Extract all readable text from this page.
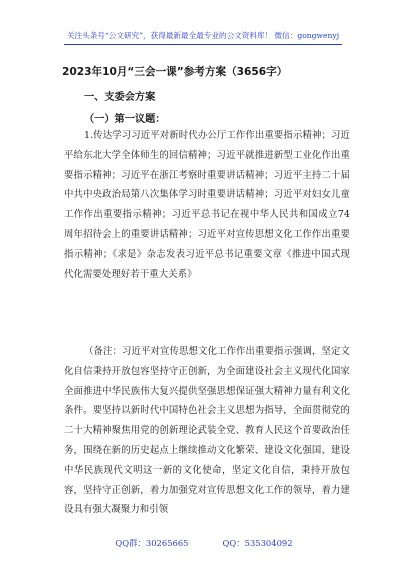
关注头条号“公文研究”，获得最新最全最专业的公文资料库！ 微信：gongwenyj
2023年10月“三会一课”参考方案（3656字）
一、支委会方案
（一）第一议题：
1.传达学习习近平对新时代办公厅工作作出重要指示精神；习近平给东北大学全体师生的回信精神；习近平就推进新型工业化作出重要指示精神；习近平在浙江考察时重要讲话精神；习近平主持二十届中共中央政治局第八次集体学习时重要讲话精神；习近平对妇女儿童工作作出重要指示精神；习近平总书记在视中华人民共和国成立74周年招待会上的重要讲话精神；习近平对宣传思想文化工作作出重要指示精神；《求是》杂志发表习近平总书记重要文章《推进中国式现代化需要处理好若干重大关系》
（备注：习近平对宣传思想文化工作作出重要指示强调，坚定文化自信秉持开放包容坚持守正创新，为全面建设社会主义现代化国家全面推进中华民族伟大复兴提供坚强思想保证强大精神力量有利文化条件。要坚持以新时代中国特色社会主义思想为指导，全面贯彻党的二十大精神聚焦用党的创新理论武装全党、教育人民这个首要政治任务，围绕在新的历史起点上继续推动文化繁荣、建设文化强国、建设中华民族现代文明这一新的文化使命，坚定文化自信，秉持开放包容，坚持守正创新，着力加强党对宣传思想文化工作的领导，着力建设具有强大凝聚力和引领
QQ群：30265665	QQ：535304092
